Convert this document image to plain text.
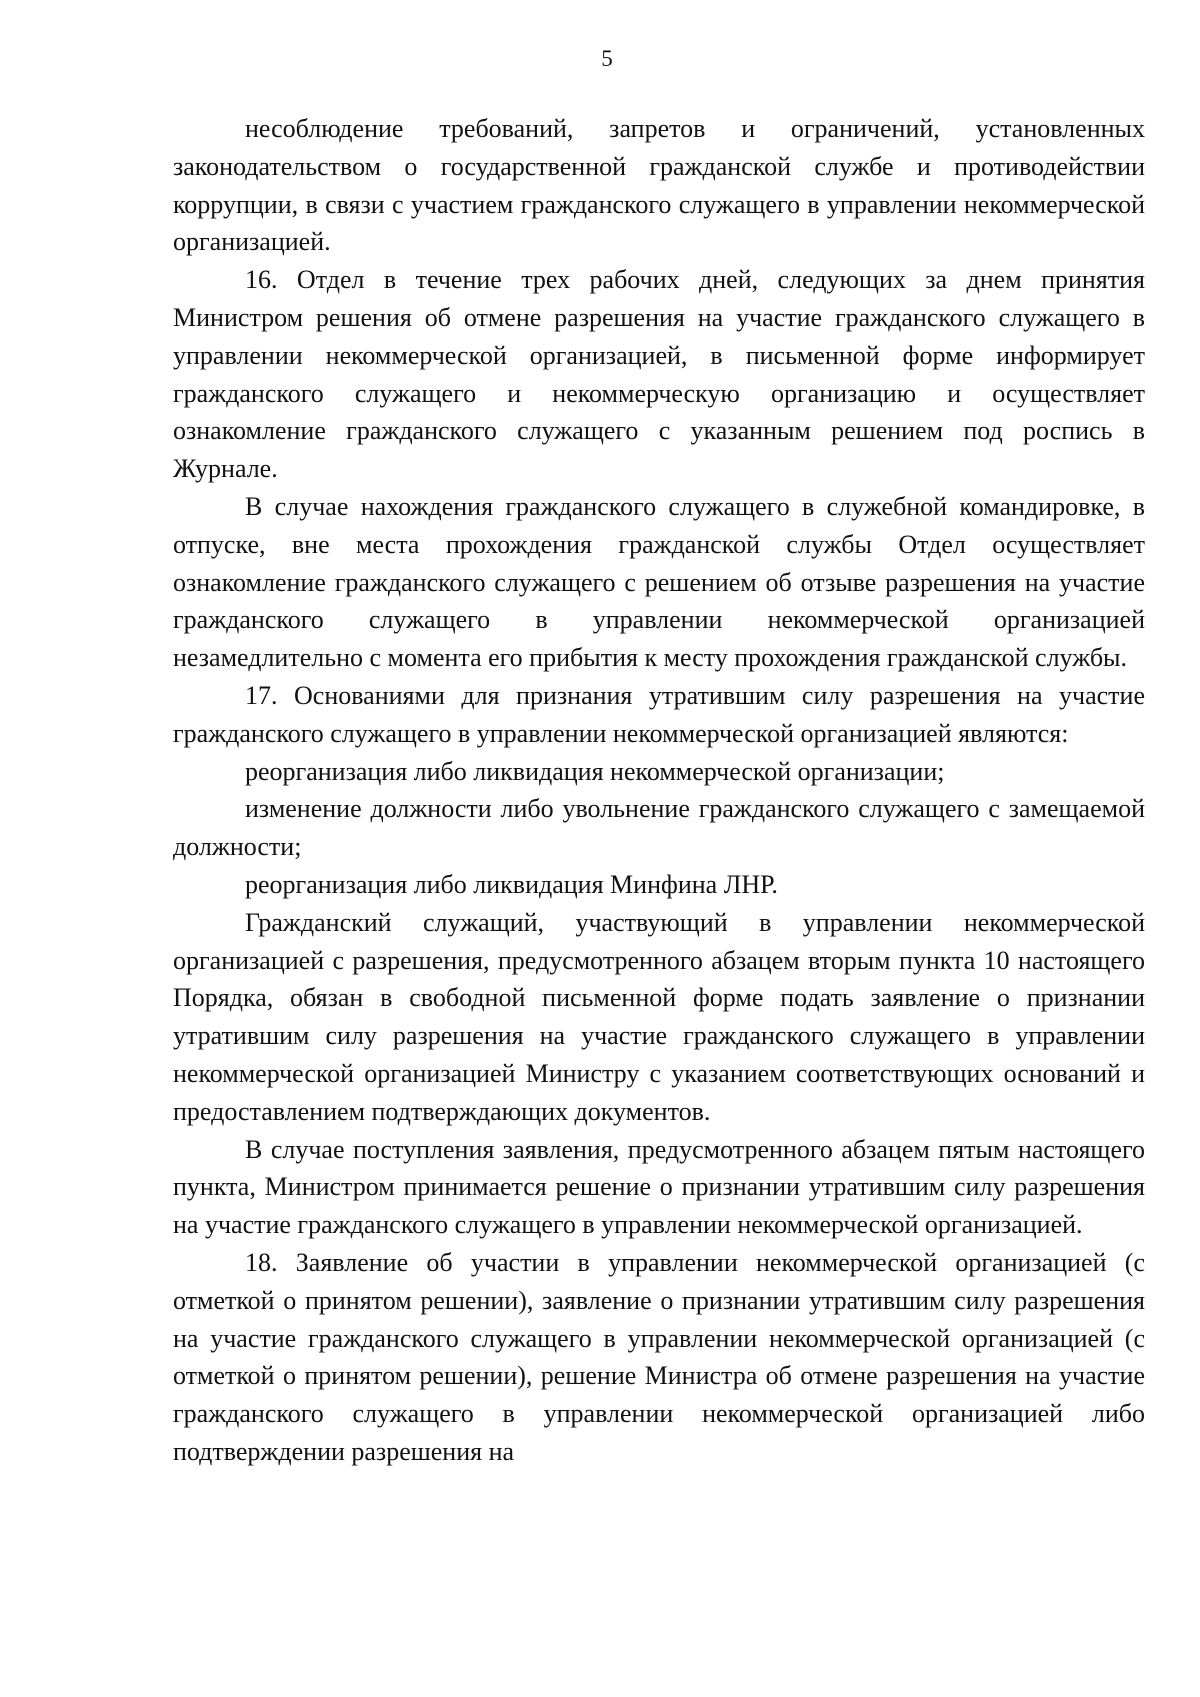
5

несоблюдение требований, запретов и ограничений, установленных законодательством о государственной гражданской службе и противодействии коррупции, в связи с участием гражданского служащего в управлении некоммерческой организацией.

16. Отдел в течение трех рабочих дней, следующих за днем принятия Министром решения об отмене разрешения на участие гражданского служащего в управлении некоммерческой организацией, в письменной форме информирует гражданского служащего и некоммерческую организацию и осуществляет ознакомление гражданского служащего с указанным решением под роспись в Журнале.

В случае нахождения гражданского служащего в служебной командировке, в отпуске, вне места прохождения гражданской службы Отдел осуществляет ознакомление гражданского служащего с решением об отзыве разрешения на участие гражданского служащего в управлении некоммерческой организацией незамедлительно с момента его прибытия к месту прохождения гражданской службы.

17. Основаниями для признания утратившим силу разрешения на участие гражданского служащего в управлении некоммерческой организацией являются:

реорганизация либо ликвидация некоммерческой организации;

изменение должности либо увольнение гражданского служащего с замещаемой должности;

реорганизация либо ликвидация Минфина ЛНР.

Гражданский служащий, участвующий в управлении некоммерческой организацией с разрешения, предусмотренного абзацем вторым пункта 10 настоящего Порядка, обязан в свободной письменной форме подать заявление о признании утратившим силу разрешения на участие гражданского служащего в управлении некоммерческой организацией Министру с указанием соответствующих оснований и предоставлением подтверждающих документов.

В случае поступления заявления, предусмотренного абзацем пятым настоящего пункта, Министром принимается решение о признании утратившим силу разрешения на участие гражданского служащего в управлении некоммерческой организацией.

18. Заявление об участии в управлении некоммерческой организацией (с отметкой о принятом решении), заявление о признании утратившим силу разрешения на участие гражданского служащего в управлении некоммерческой организацией (с отметкой о принятом решении), решение Министра об отмене разрешения на участие гражданского служащего в управлении некоммерческой организацией либо подтверждении разрешения на
